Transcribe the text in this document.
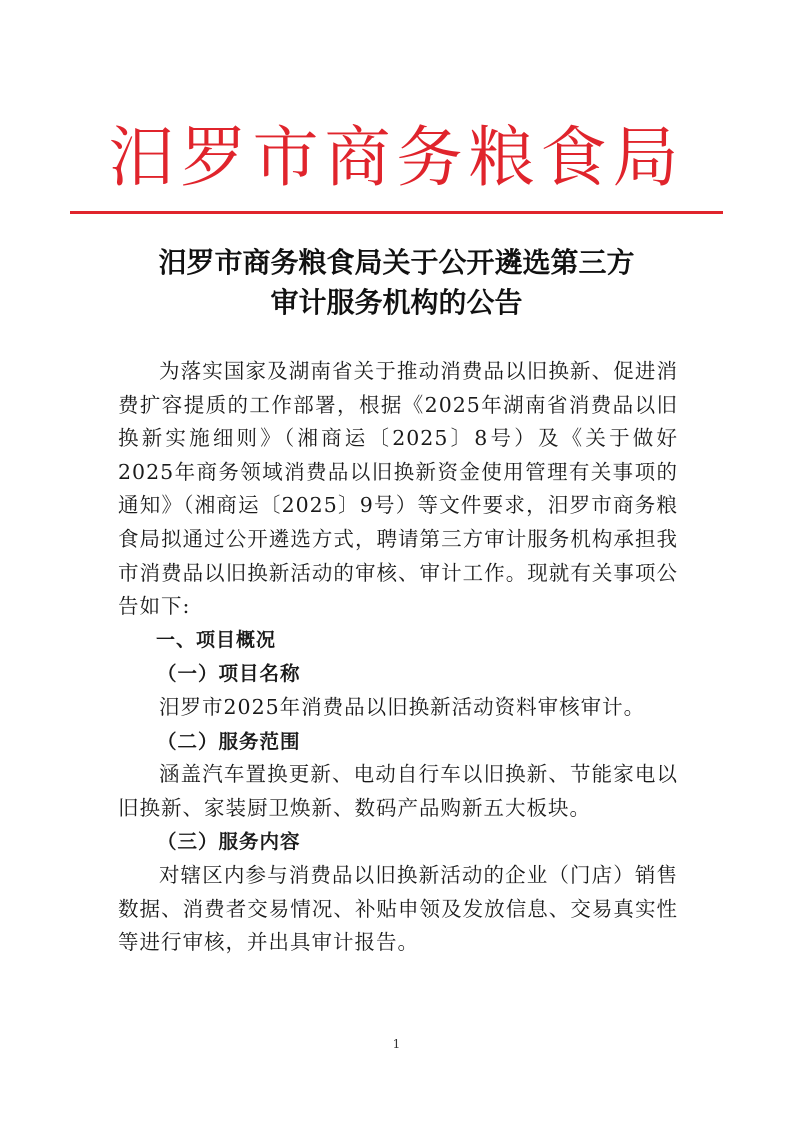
汨罗市商务粮食局
汨罗市商务粮食局关于公开遴选第三方
审计服务机构的公告

为落实国家及湖南省关于推动消费品以旧换新、促进消费扩容提质的工作部署，根据《2025年湖南省消费品以旧换新实施细则》（湘商运〔2025〕8号）及《关于做好2025年商务领域消费品以旧换新资金使用管理有关事项的通知》（湘商运〔2025〕9号）等文件要求，汨罗市商务粮食局拟通过公开遴选方式，聘请第三方审计服务机构承担我市消费品以旧换新活动的审核、审计工作。现就有关事项公告如下:

一、项目概况

（一）项目名称

汨罗市2025年消费品以旧换新活动资料审核审计。

（二）服务范围

涵盖汽车置换更新、电动自行车以旧换新、节能家电以旧换新、家装厨卫焕新、数码产品购新五大板块。

（三）服务内容

对辖区内参与消费品以旧换新活动的企业（门店）销售数据、消费者交易情况、补贴申领及发放信息、交易真实性等进行审核，并出具审计报告。

1
